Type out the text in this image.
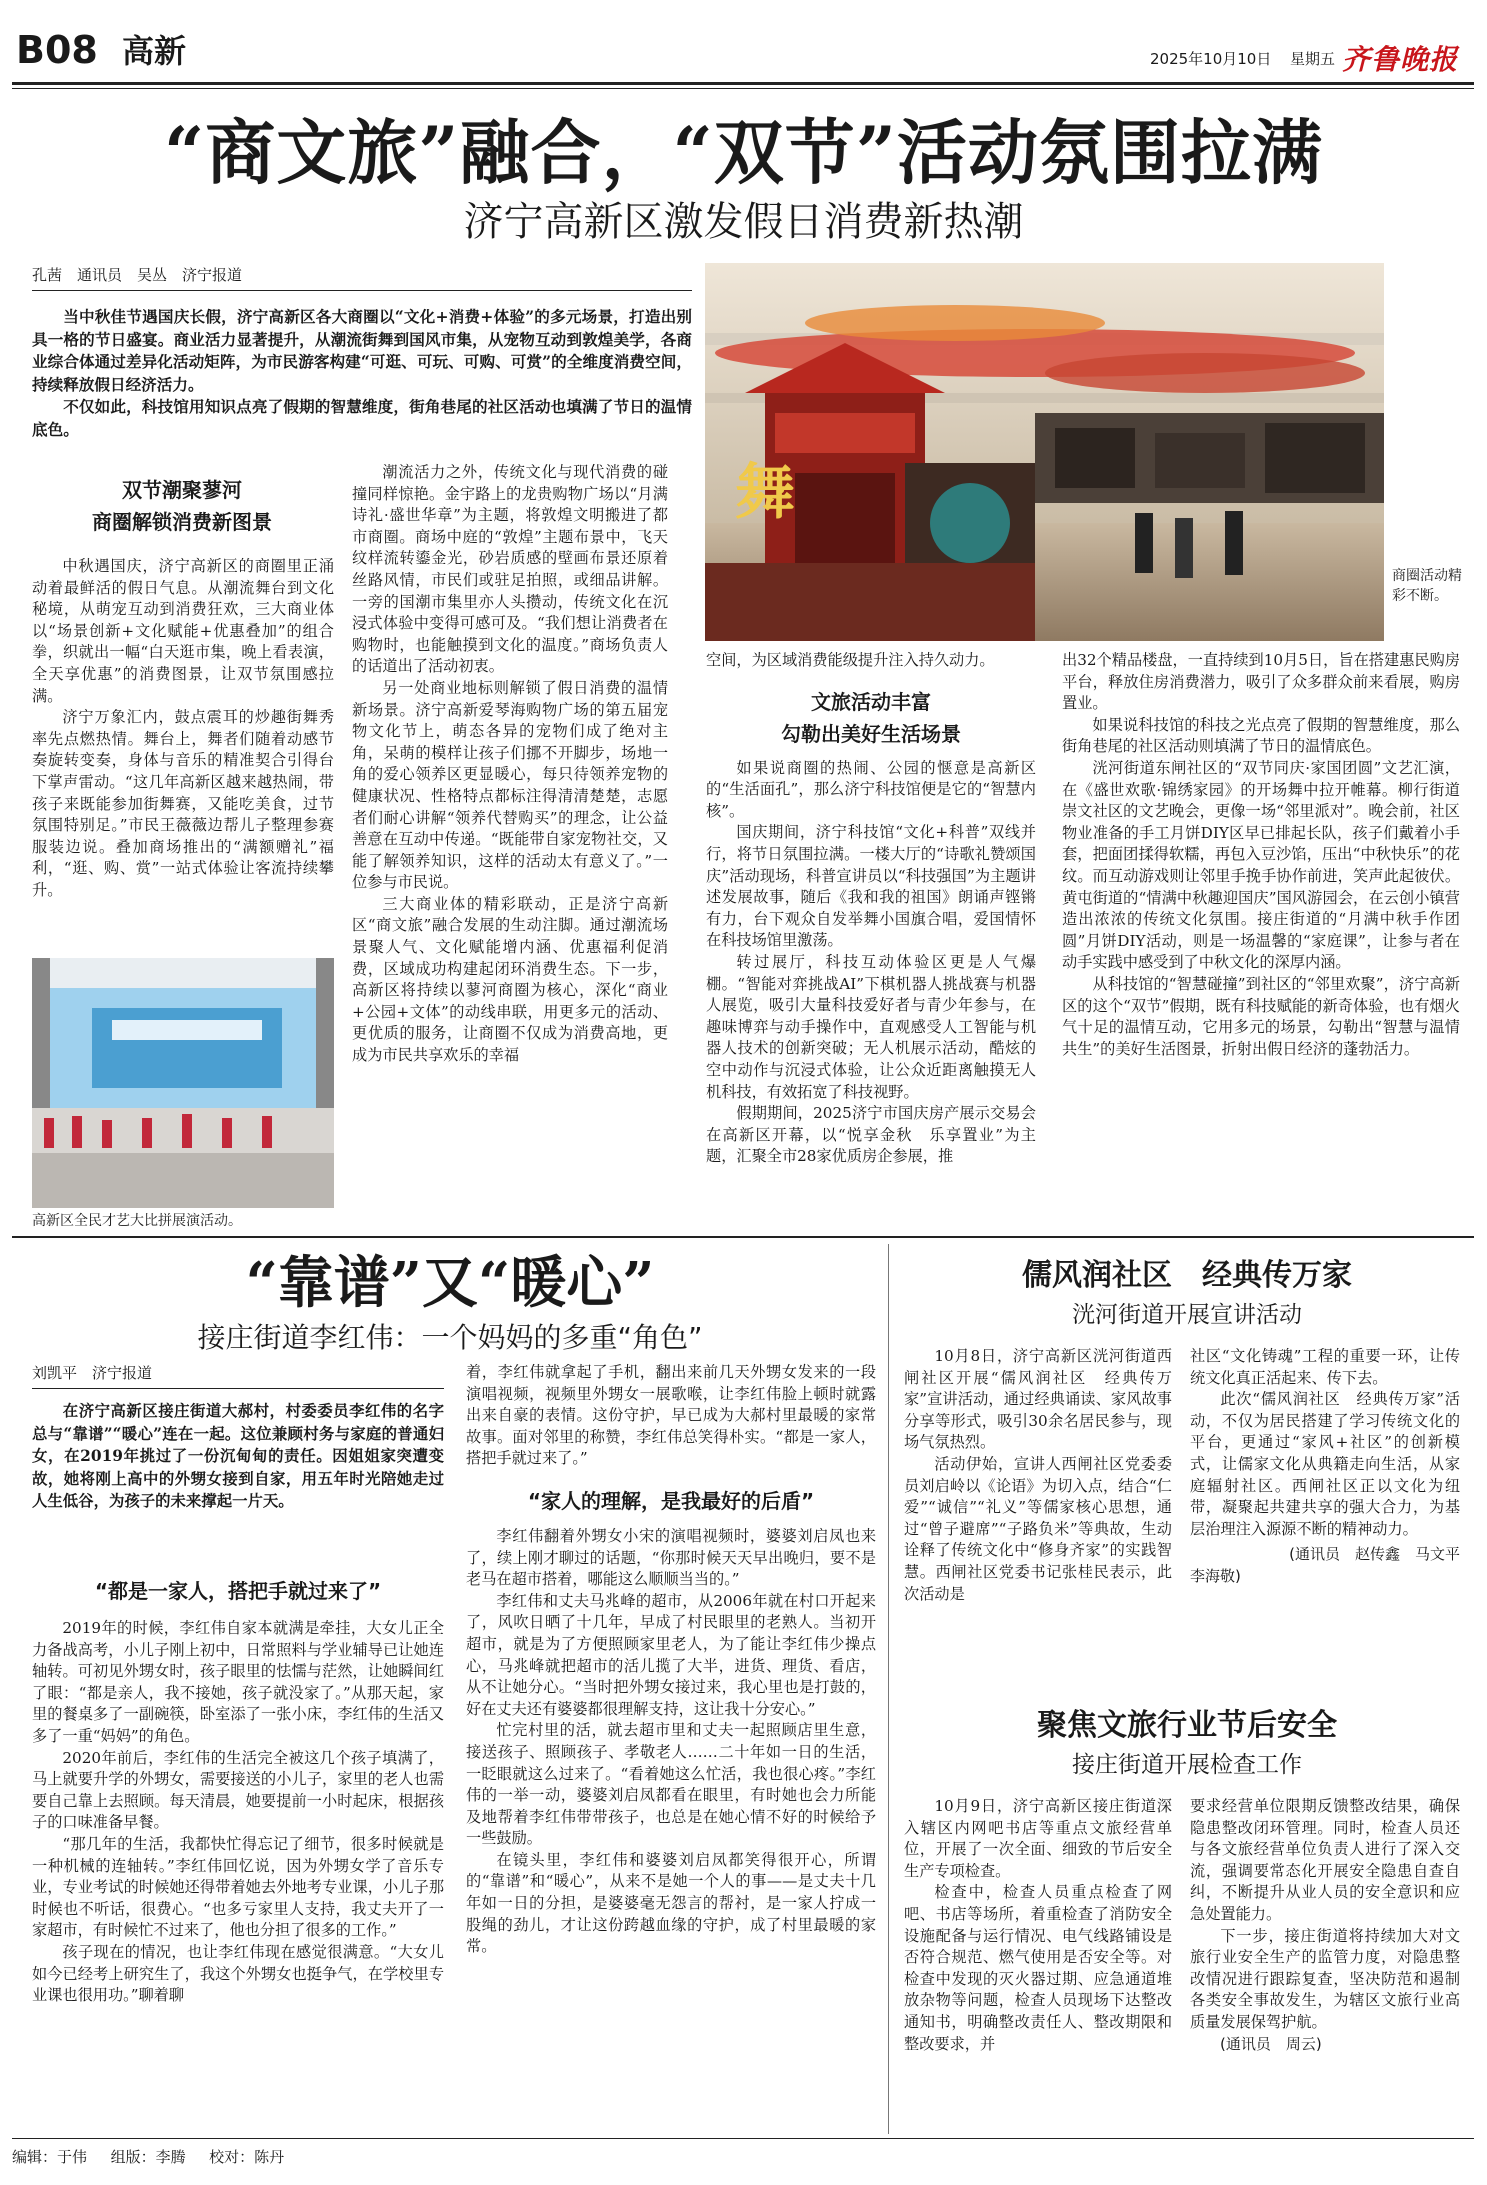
B08 高新	2025年10月10日 星期五 齐鲁晚报
“商文旅”融合，“双节”活动氛围拉满
济宁高新区激发假日消费新热潮
孔茜　通讯员　吴丛　济宁报道

当中秋佳节遇国庆长假，济宁高新区各大商圈以“文化+消费+体验”的多元场景，打造出别具一格的节日盛宴。商业活力显著提升，从潮流街舞到国风市集，从宠物互动到敦煌美学，各商业综合体通过差异化活动矩阵，为市民游客构建“可逛、可玩、可购、可赏”的全维度消费空间，持续释放假日经济活力。

不仅如此，科技馆用知识点亮了假期的智慧维度，街角巷尾的社区活动也填满了节日的温情底色。

舞
商圈活动精彩不断。
双节潮聚蓼河
商圈解锁消费新图景

中秋遇国庆，济宁高新区的商圈里正涌动着最鲜活的假日气息。从潮流舞台到文化秘境，从萌宠互动到消费狂欢，三大商业体以“场景创新+文化赋能+优惠叠加”的组合拳，织就出一幅“白天逛市集，晚上看表演，全天享优惠”的消费图景，让双节氛围感拉满。

济宁万象汇内，鼓点震耳的炒趣街舞秀率先点燃热情。舞台上，舞者们随着动感节奏旋转变奏，身体与音乐的精准契合引得台下掌声雷动。“这几年高新区越来越热闹，带孩子来既能参加街舞赛，又能吃美食，过节氛围特别足。”市民王薇薇边帮儿子整理参赛服装边说。叠加商场推出的“满额赠礼”福利，“逛、购、赏”一站式体验让客流持续攀升。

高新区全民才艺大比拼展演活动。

潮流活力之外，传统文化与现代消费的碰撞同样惊艳。金宇路上的龙贵购物广场以“月满诗礼·盛世华章”为主题，将敦煌文明搬进了都市商圈。商场中庭的“敦煌”主题布景中，飞天纹样流转鎏金光，砂岩质感的壁画布景还原着丝路风情，市民们或驻足拍照，或细品讲解。一旁的国潮市集里亦人头攒动，传统文化在沉浸式体验中变得可感可及。“我们想让消费者在购物时，也能触摸到文化的温度。”商场负责人的话道出了活动初衷。

另一处商业地标则解锁了假日消费的温情新场景。济宁高新爱琴海购物广场的第五届宠物文化节上，萌态各异的宠物们成了绝对主角，呆萌的模样让孩子们挪不开脚步，场地一角的爱心领养区更显暖心，每只待领养宠物的健康状况、性格特点都标注得清清楚楚，志愿者们耐心讲解“领养代替购买”的理念，让公益善意在互动中传递。“既能带自家宠物社交，又能了解领养知识，这样的活动太有意义了。”一位参与市民说。

三大商业体的精彩联动，正是济宁高新区“商文旅”融合发展的生动注脚。通过潮流场景聚人气、文化赋能增内涵、优惠福利促消费，区域成功构建起闭环消费生态。下一步，高新区将持续以蓼河商圈为核心，深化“商业+公园+文体”的动线串联，用更多元的活动、更优质的服务，让商圈不仅成为消费高地，更成为市民共享欢乐的幸福

空间，为区域消费能级提升注入持久动力。

文旅活动丰富
勾勒出美好生活场景

如果说商圈的热闹、公园的惬意是高新区的“生活面孔”，那么济宁科技馆便是它的“智慧内核”。

国庆期间，济宁科技馆“文化+科普”双线并行，将节日氛围拉满。一楼大厅的“诗歌礼赞颂国庆”活动现场，科普宣讲员以“科技强国”为主题讲述发展故事，随后《我和我的祖国》朗诵声铿锵有力，台下观众自发举舞小国旗合唱，爱国情怀在科技场馆里激荡。

转过展厅，科技互动体验区更是人气爆棚。“智能对弈挑战AI”下棋机器人挑战赛与机器人展览，吸引大量科技爱好者与青少年参与，在趣味博弈与动手操作中，直观感受人工智能与机器人技术的创新突破；无人机展示活动，酷炫的空中动作与沉浸式体验，让公众近距离触摸无人机科技，有效拓宽了科技视野。

假期期间，2025济宁市国庆房产展示交易会在高新区开幕，以“悦享金秋　乐享置业”为主题，汇聚全市28家优质房企参展，推

出32个精品楼盘，一直持续到10月5日，旨在搭建惠民购房平台，释放住房消费潜力，吸引了众多群众前来看展，购房置业。

如果说科技馆的科技之光点亮了假期的智慧维度，那么街角巷尾的社区活动则填满了节日的温情底色。

洸河街道东闸社区的“双节同庆·家国团圆”文艺汇演，在《盛世欢歌·锦绣家园》的开场舞中拉开帷幕。柳行街道崇文社区的文艺晚会，更像一场“邻里派对”。晚会前，社区物业准备的手工月饼DIY区早已排起长队，孩子们戴着小手套，把面团揉得软糯，再包入豆沙馅，压出“中秋快乐”的花纹。而互动游戏则让邻里手挽手协作前进，笑声此起彼伏。黄屯街道的“情满中秋趣迎国庆”国风游园会，在云创小镇营造出浓浓的传统文化氛围。接庄街道的“月满中秋手作团圆”月饼DIY活动，则是一场温馨的“家庭课”，让参与者在动手实践中感受到了中秋文化的深厚内涵。

从科技馆的“智慧碰撞”到社区的“邻里欢聚”，济宁高新区的这个“双节”假期，既有科技赋能的新奇体验，也有烟火气十足的温情互动，它用多元的场景，勾勒出“智慧与温情共生”的美好生活图景，折射出假日经济的蓬勃活力。

“靠谱”又“暖心”
接庄街道李红伟：一个妈妈的多重“角色”
刘凯平　济宁报道

在济宁高新区接庄街道大郝村，村委委员李红伟的名字总与“靠谱”“暖心”连在一起。这位兼顾村务与家庭的普通妇女，在2019年挑过了一份沉甸甸的责任。因姐姐家突遭变故，她将刚上高中的外甥女接到自家，用五年时光陪她走过人生低谷，为孩子的未来撑起一片天。

“都是一家人，搭把手就过来了”

2019年的时候，李红伟自家本就满是牵挂，大女儿正全力备战高考，小儿子刚上初中，日常照料与学业辅导已让她连轴转。可初见外甥女时，孩子眼里的怯懦与茫然，让她瞬间红了眼：“都是亲人，我不接她，孩子就没家了。”从那天起，家里的餐桌多了一副碗筷，卧室添了一张小床，李红伟的生活又多了一重“妈妈”的角色。

2020年前后，李红伟的生活完全被这几个孩子填满了，马上就要升学的外甥女，需要接送的小儿子，家里的老人也需要自己靠上去照顾。每天清晨，她要提前一小时起床，根据孩子的口味准备早餐。

“那几年的生活，我都快忙得忘记了细节，很多时候就是一种机械的连轴转。”李红伟回忆说，因为外甥女学了音乐专业，专业考试的时候她还得带着她去外地考专业课，小儿子那时候也不听话，很费心。“也多亏家里人支持，我丈夫开了一家超市，有时候忙不过来了，他也分担了很多的工作。”

孩子现在的情况，也让李红伟现在感觉很满意。“大女儿如今已经考上研究生了，我这个外甥女也挺争气，在学校里专业课也很用功。”聊着聊

着，李红伟就拿起了手机，翻出来前几天外甥女发来的一段演唱视频，视频里外甥女一展歌喉，让李红伟脸上顿时就露出来自豪的表情。这份守护，早已成为大郝村里最暖的家常故事。面对邻里的称赞，李红伟总笑得朴实。“都是一家人，搭把手就过来了。”

“家人的理解，是我最好的后盾”

李红伟翻着外甥女小宋的演唱视频时，婆婆刘启凤也来了，续上刚才聊过的话题，“你那时候天天早出晚归，要不是老马在超市搭着，哪能这么顺顺当当的。”

李红伟和丈夫马兆峰的超市，从2006年就在村口开起来了，风吹日晒了十几年，早成了村民眼里的老熟人。当初开超市，就是为了方便照顾家里老人，为了能让李红伟少操点心，马兆峰就把超市的活儿揽了大半，进货、理货、看店，从不让她分心。“当时把外甥女接过来，我心里也是打鼓的，好在丈夫还有婆婆都很理解支持，这让我十分安心。”

忙完村里的活，就去超市里和丈夫一起照顾店里生意，接送孩子、照顾孩子、孝敬老人……二十年如一日的生活，一眨眼就这么过来了。“看着她这么忙活，我也很心疼。”李红伟的一举一动，婆婆刘启凤都看在眼里，有时她也会力所能及地帮着李红伟带带孩子，也总是在她心情不好的时候给予一些鼓励。

在镜头里，李红伟和婆婆刘启凤都笑得很开心，所谓的“靠谱”和“暖心”，从来不是她一个人的事——是丈夫十几年如一日的分担，是婆婆毫无怨言的帮衬，是一家人拧成一股绳的劲儿，才让这份跨越血缘的守护，成了村里最暖的家常。

儒风润社区　经典传万家
洸河街道开展宣讲活动

10月8日，济宁高新区洸河街道西闸社区开展“儒风润社区　经典传万家”宣讲活动，通过经典诵读、家风故事分享等形式，吸引30余名居民参与，现场气氛热烈。

活动伊始，宣讲人西闸社区党委委员刘启岭以《论语》为切入点，结合“仁爱”“诚信”“礼义”等儒家核心思想，通过“曾子避席”“子路负米”等典故，生动诠释了传统文化中“修身齐家”的实践智慧。西闸社区党委书记张桂民表示，此次活动是

社区“文化铸魂”工程的重要一环，让传统文化真正活起来、传下去。

此次“儒风润社区　经典传万家”活动，不仅为居民搭建了学习传统文化的平台，更通过“家风+社区”的创新模式，让儒家文化从典籍走向生活，从家庭辐射社区。西闸社区正以文化为纽带，凝聚起共建共享的强大合力，为基层治理注入源源不断的精神动力。

(通讯员　赵传鑫　马文平
李海敬)
聚焦文旅行业节后安全
接庄街道开展检查工作

10月9日，济宁高新区接庄街道深入辖区内网吧书店等重点文旅经营单位，开展了一次全面、细致的节后安全生产专项检查。

检查中，检查人员重点检查了网吧、书店等场所，着重检查了消防安全设施配备与运行情况、电气线路铺设是否符合规范、燃气使用是否安全等。对检查中发现的灭火器过期、应急通道堆放杂物等问题，检查人员现场下达整改通知书，明确整改责任人、整改期限和整改要求，并

要求经营单位限期反馈整改结果，确保隐患整改闭环管理。同时，检查人员还与各文旅经营单位负责人进行了深入交流，强调要常态化开展安全隐患自查自纠，不断提升从业人员的安全意识和应急处置能力。

下一步，接庄街道将持续加大对文旅行业安全生产的监管力度，对隐患整改情况进行跟踪复查，坚决防范和遏制各类安全事故发生，为辖区文旅行业高质量发展保驾护航。

(通讯员　周云)
编辑：于伟 组版：李腾 校对：陈丹
